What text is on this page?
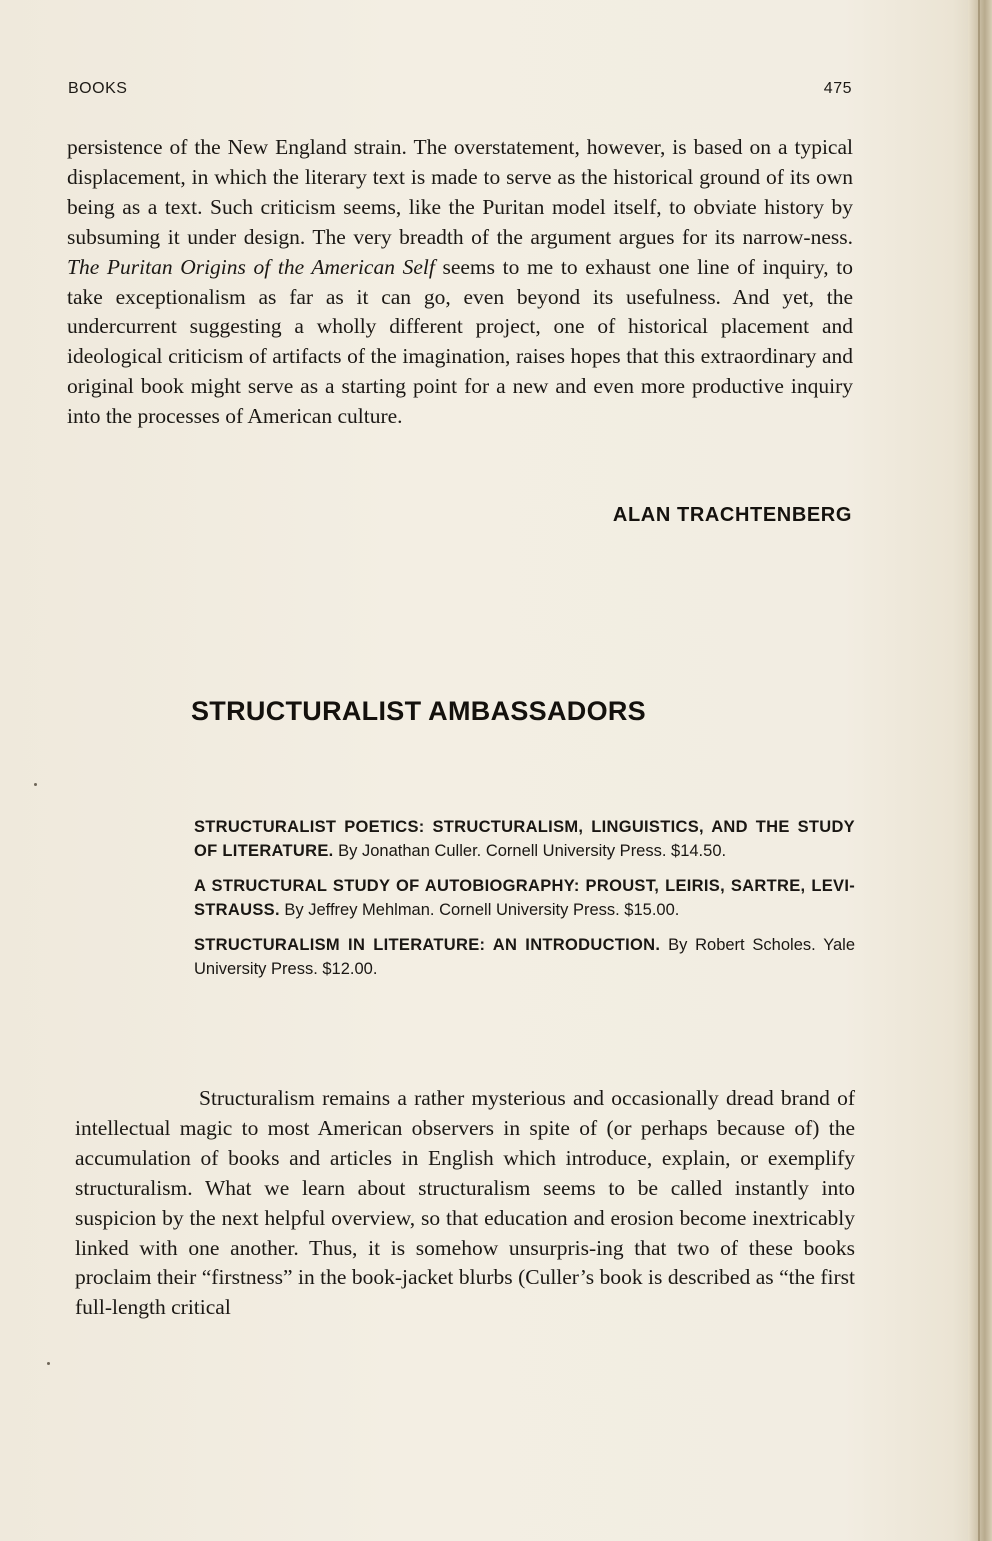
BOOKS	475
persistence of the New England strain. The overstatement, however, is based on a typical displacement, in which the literary text is made to serve as the historical ground of its own being as a text. Such criticism seems, like the Puritan model itself, to obviate history by subsuming it under design. The very breadth of the argument argues for its narrow-ness. The Puritan Origins of the American Self seems to me to exhaust one line of inquiry, to take exceptionalism as far as it can go, even beyond its usefulness. And yet, the undercurrent suggesting a wholly different project, one of historical placement and ideological criticism of artifacts of the imagination, raises hopes that this extraordinary and original book might serve as a starting point for a new and even more productive inquiry into the processes of American culture.
ALAN TRACHTENBERG
STRUCTURALIST AMBASSADORS
STRUCTURALIST POETICS: STRUCTURALISM, LINGUISTICS, AND THE STUDY OF LITERATURE. By Jonathan Culler. Cornell University Press. $14.50.
A STRUCTURAL STUDY OF AUTOBIOGRAPHY: PROUST, LEIRIS, SARTRE, LEVI-STRAUSS. By Jeffrey Mehlman. Cornell University Press. $15.00.
STRUCTURALISM IN LITERATURE: AN INTRODUCTION. By Robert Scholes. Yale University Press. $12.00.
Structuralism remains a rather mysterious and occasionally dread brand of intellectual magic to most American observers in spite of (or perhaps because of) the accumulation of books and articles in English which introduce, explain, or exemplify structuralism. What we learn about structuralism seems to be called instantly into suspicion by the next helpful overview, so that education and erosion become inextricably linked with one another. Thus, it is somehow unsurpris-ing that two of these books proclaim their “firstness” in the book-jacket blurbs (Culler’s book is described as “the first full-length critical
